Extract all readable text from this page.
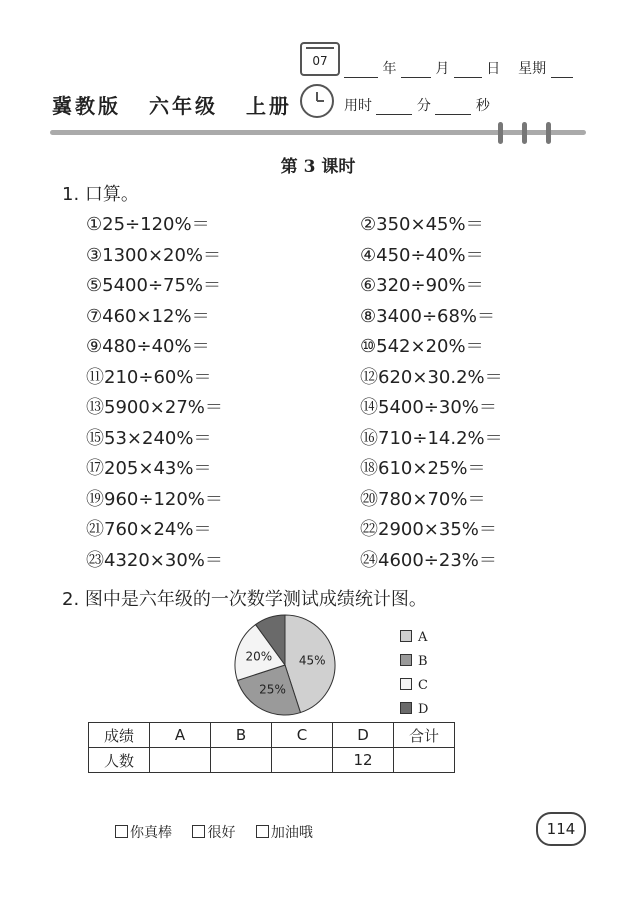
07	年	月	日 星期
冀教版 六年级 上册	用时	分	秒
第 3 课时
1. 口算。
①25÷120%＝	②350×45%＝
③1300×20%＝	④450÷40%＝
⑤5400÷75%＝	⑥320÷90%＝
⑦460×12%＝	⑧3400÷68%＝
⑨480÷40%＝	⑩542×20%＝
⑪210÷60%＝	⑫620×30.2%＝
⑬5900×27%＝	⑭5400÷30%＝
⑮53×240%＝	⑯710÷14.2%＝
⑰205×43%＝	⑱610×25%＝
⑲960÷120%＝	⑳780×70%＝
㉑760×24%＝	㉒2900×35%＝
㉓4320×30%＝	㉔4600÷23%＝
2. 图中是六年级的一次数学测试成绩统计图。
45%
25%
20%
A
B
C
D
成绩	A	B	C	D	合计
人数				12	
你真棒	很好	加油哦	114
